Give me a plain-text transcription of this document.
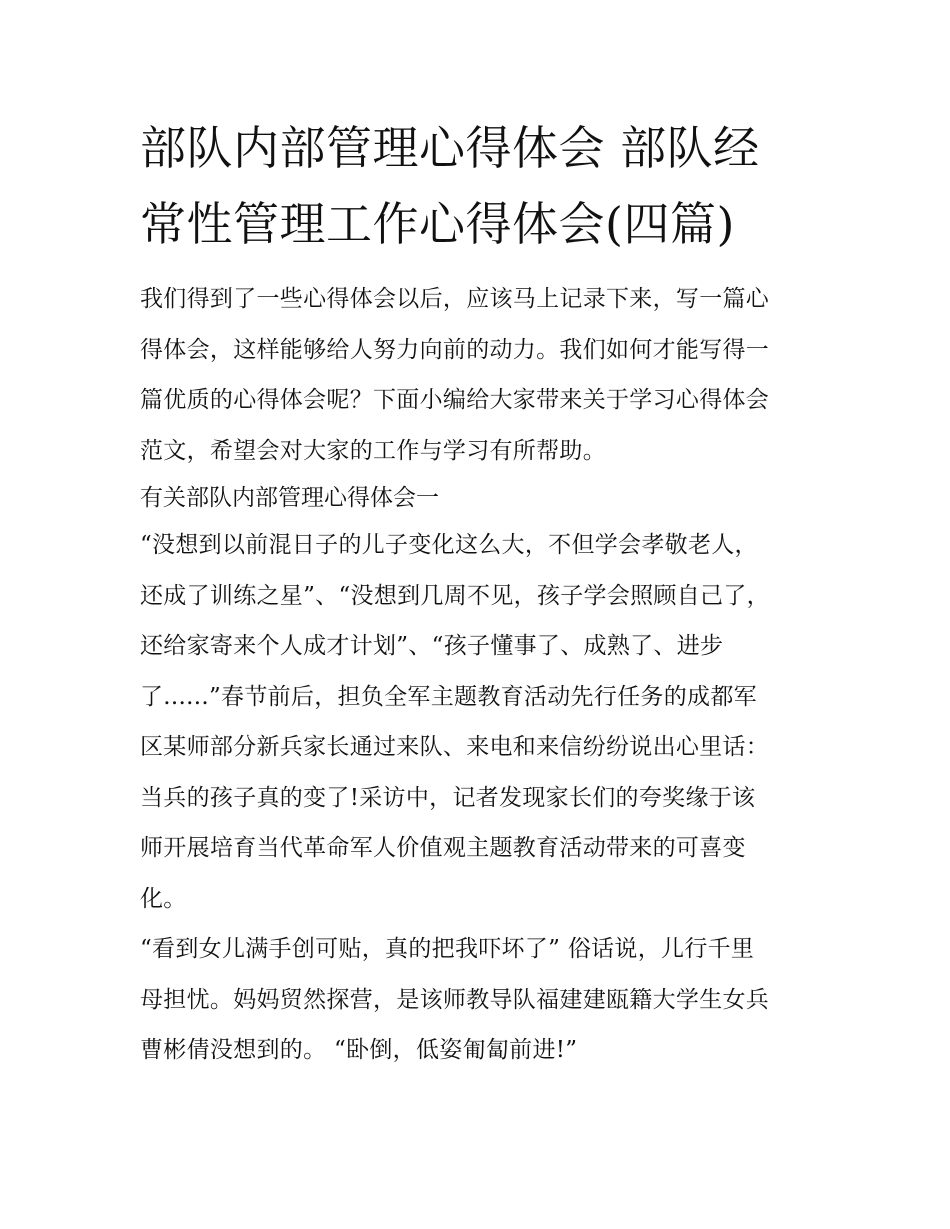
部队内部管理心得体会 部队经
常性管理工作心得体会(四篇)
我们得到了一些心得体会以后，应该马上记录下来，写一篇心
得体会，这样能够给人努力向前的动力。我们如何才能写得一
篇优质的心得体会呢？下面小编给大家带来关于学习心得体会
范文，希望会对大家的工作与学习有所帮助。
有关部队内部管理心得体会一
“没想到以前混日子的儿子变化这么大，不但学会孝敬老人，
还成了训练之星”、“没想到几周不见，孩子学会照顾自己了，
还给家寄来个人成才计划”、“孩子懂事了、成熟了、进步
了......”春节前后，担负全军主题教育活动先行任务的成都军
区某师部分新兵家长通过来队、来电和来信纷纷说出心里话：
当兵的孩子真的变了!采访中，记者发现家长们的夸奖缘于该
师开展培育当代革命军人价值观主题教育活动带来的可喜变
化。
“看到女儿满手创可贴，真的把我吓坏了” 俗话说，儿行千里
母担忧。妈妈贸然探营，是该师教导队福建建瓯籍大学生女兵
曹彬倩没想到的。 “卧倒，低姿匍匐前进!”
